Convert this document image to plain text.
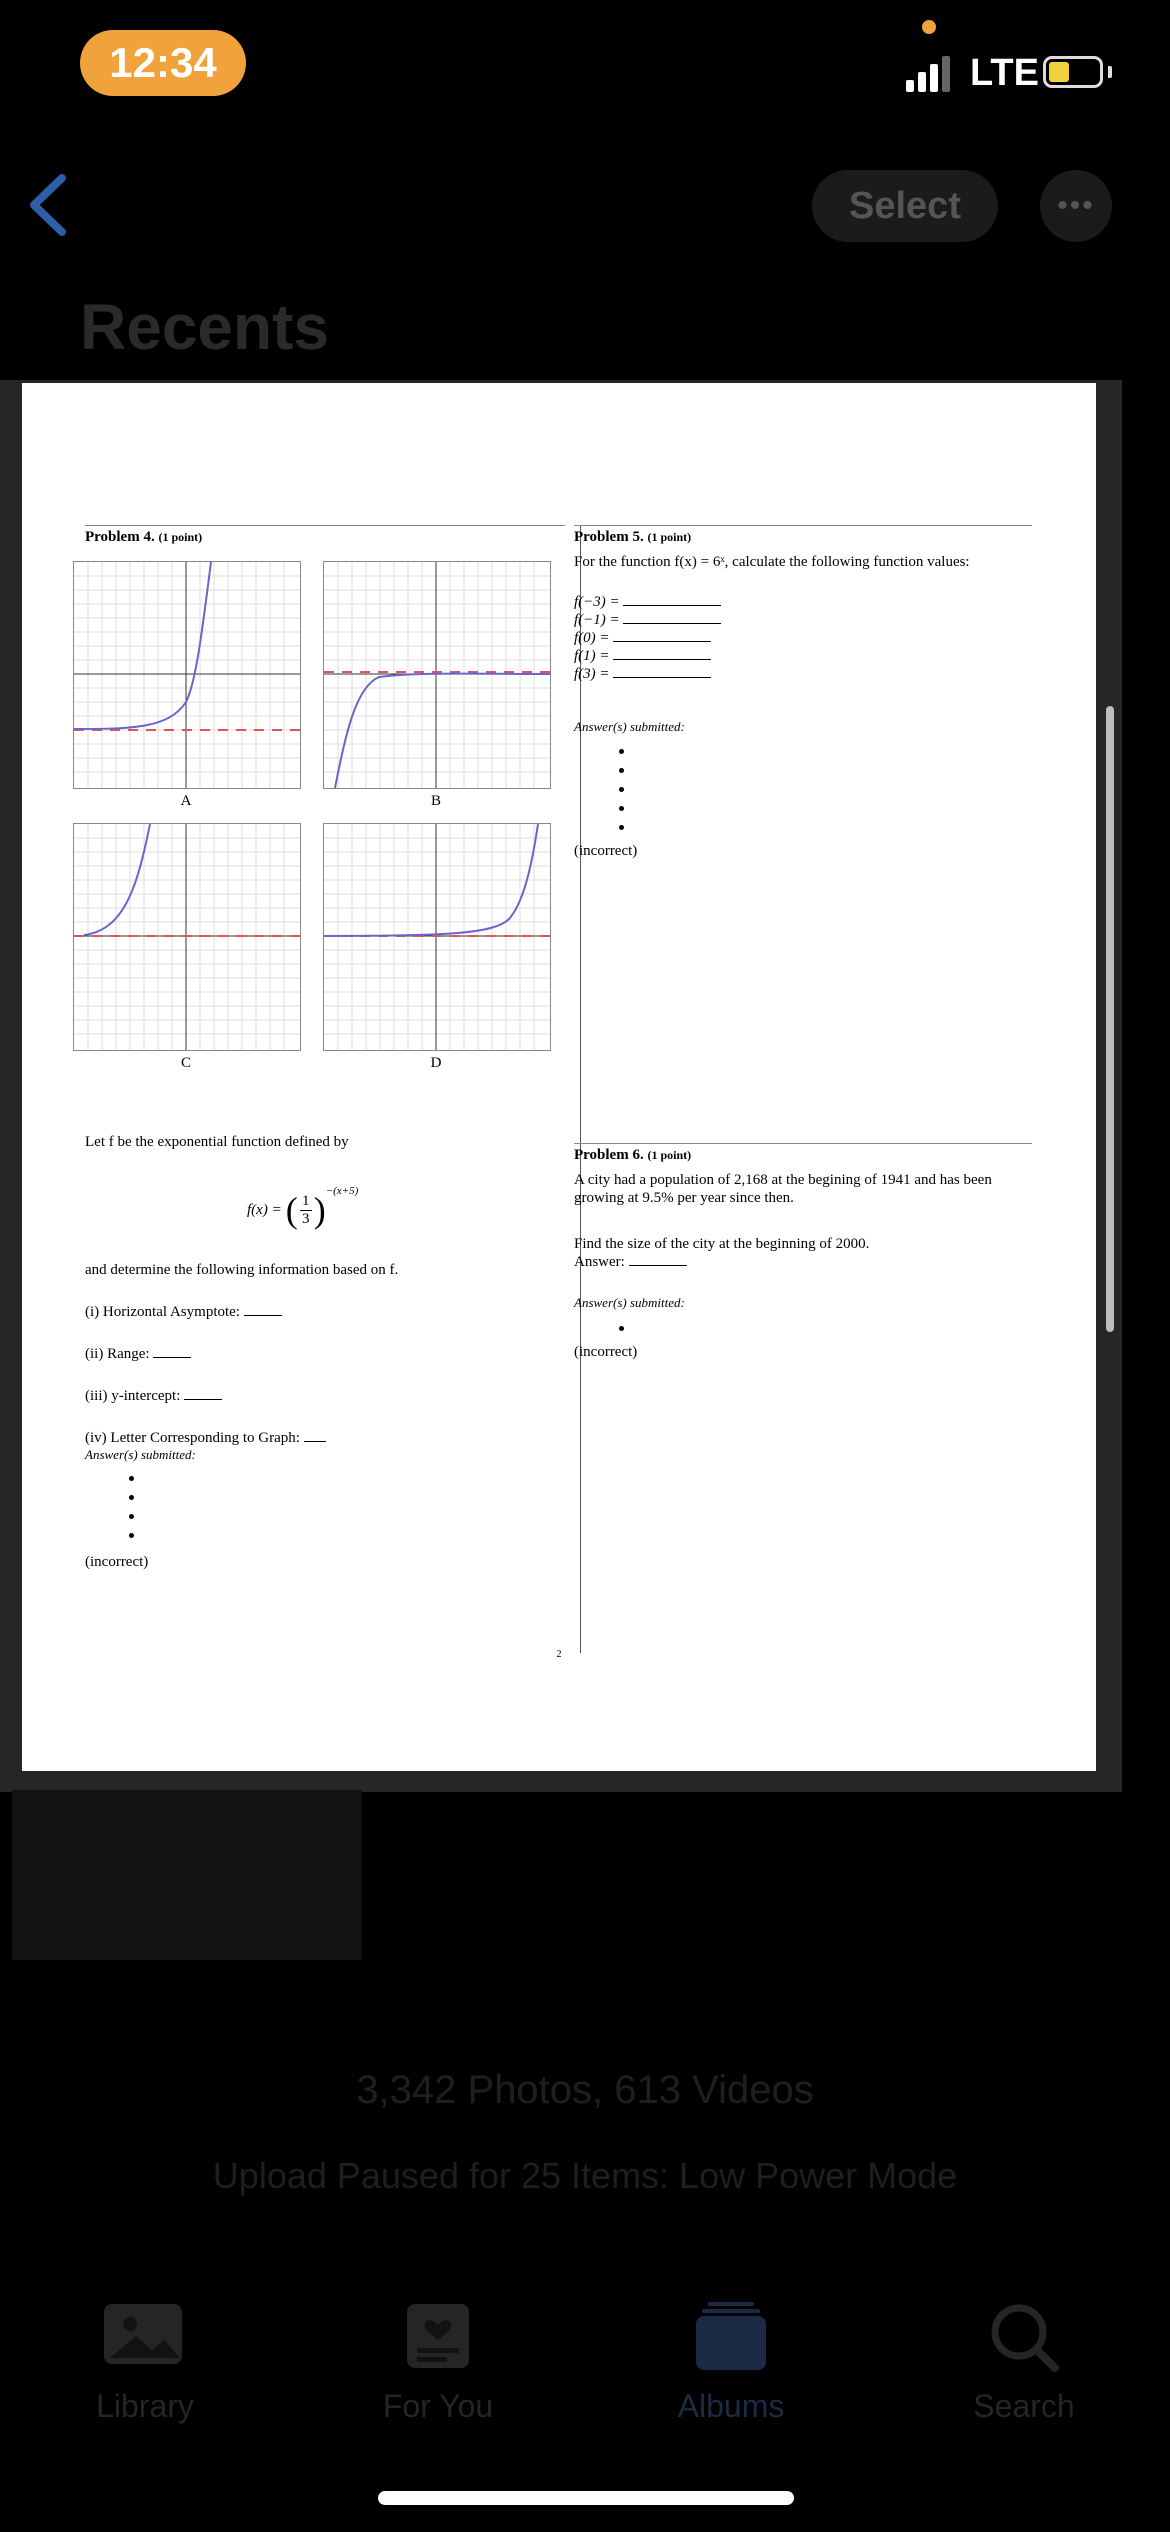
12:34	LTE
Select	•••
Recents
Problem 4. (1 point)
A	B
C	D
Let f be the exponential function defined by
f(x) = ( 1
3 ) −(x+5)
and determine the following information based on f.
(i) Horizontal Asymptote:
(ii) Range:
(iii) y-intercept:
(iv) Letter Corresponding to Graph:
Answer(s) submitted:
(incorrect)
Problem 5. (1 point)
For the function f(x) = 6ˣ, calculate the following function values:
f(−3) =
f(−1) =
f(0) =
f(1) =
f(3) =
Answer(s) submitted:
(incorrect)
Problem 6. (1 point)
A city had a population of 2,168 at the begining of 1941 and has been growing at 9.5% per year since then.
Find the size of the city at the beginning of 2000.
Answer:
Answer(s) submitted:
(incorrect)
2
3,342 Photos, 613 Videos
Upload Paused for 25 Items: Low Power Mode
Library	For You	Albums	Search
